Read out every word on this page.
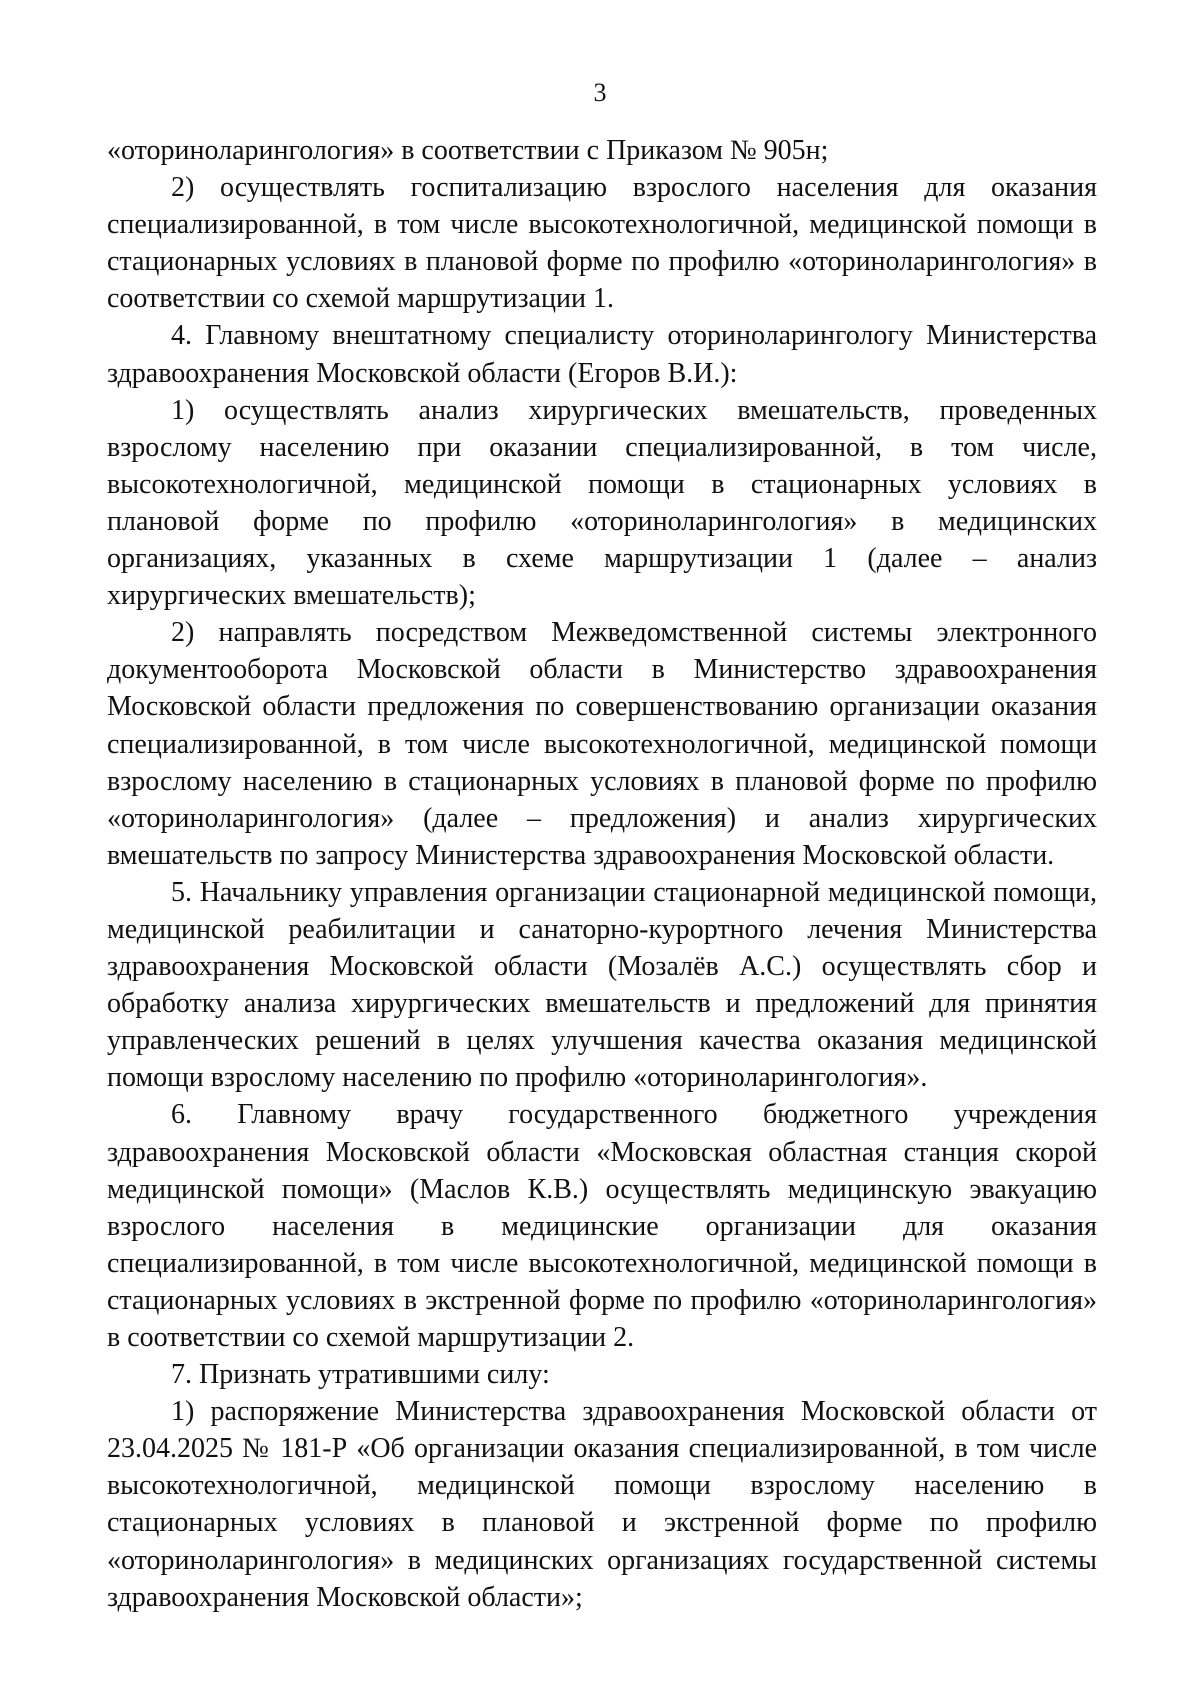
3

«оториноларингология» в соответствии с Приказом № 905н;

2) осуществлять госпитализацию взрослого населения для оказания специализированной, в том числе высокотехнологичной, медицинской помощи в стационарных условиях в плановой форме по профилю «оториноларингология» в соответствии со схемой маршрутизации 1.

4. Главному внештатному специалисту оториноларингологу Министерства здравоохранения Московской области (Егоров В.И.):

1) осуществлять анализ хирургических вмешательств, проведенных взрослому населению при оказании специализированной, в том числе, высокотехнологичной, медицинской помощи в стационарных условиях в плановой форме по профилю «оториноларингология» в медицинских организациях, указанных в схеме маршрутизации 1 (далее – анализ хирургических вмешательств);

2) направлять посредством Межведомственной системы электронного документооборота Московской области в Министерство здравоохранения Московской области предложения по совершенствованию организации оказания специализированной, в том числе высокотехнологичной, медицинской помощи взрослому населению в стационарных условиях в плановой форме по профилю «оториноларингология» (далее – предложения) и анализ хирургических вмешательств по запросу Министерства здравоохранения Московской области.

5. Начальнику управления организации стационарной медицинской помощи, медицинской реабилитации и санаторно-курортного лечения Министерства здравоохранения Московской области (Мозалёв А.С.) осуществлять сбор и обработку анализа хирургических вмешательств и предложений для принятия управленческих решений в целях улучшения качества оказания медицинской помощи взрослому населению по профилю «оториноларингология».

6. Главному врачу государственного бюджетного учреждения здравоохранения Московской области «Московская областная станция скорой медицинской помощи» (Маслов К.В.) осуществлять медицинскую эвакуацию взрослого населения в медицинские организации для оказания специализированной, в том числе высокотехнологичной, медицинской помощи в стационарных условиях в экстренной форме по профилю «оториноларингология» в соответствии со схемой маршрутизации 2.

7. Признать утратившими силу:

1) распоряжение Министерства здравоохранения Московской области от 23.04.2025 № 181-Р «Об организации оказания специализированной, в том числе высокотехнологичной, медицинской помощи взрослому населению в стационарных условиях в плановой и экстренной форме по профилю «оториноларингология» в медицинских организациях государственной системы здравоохранения Московской области»;
